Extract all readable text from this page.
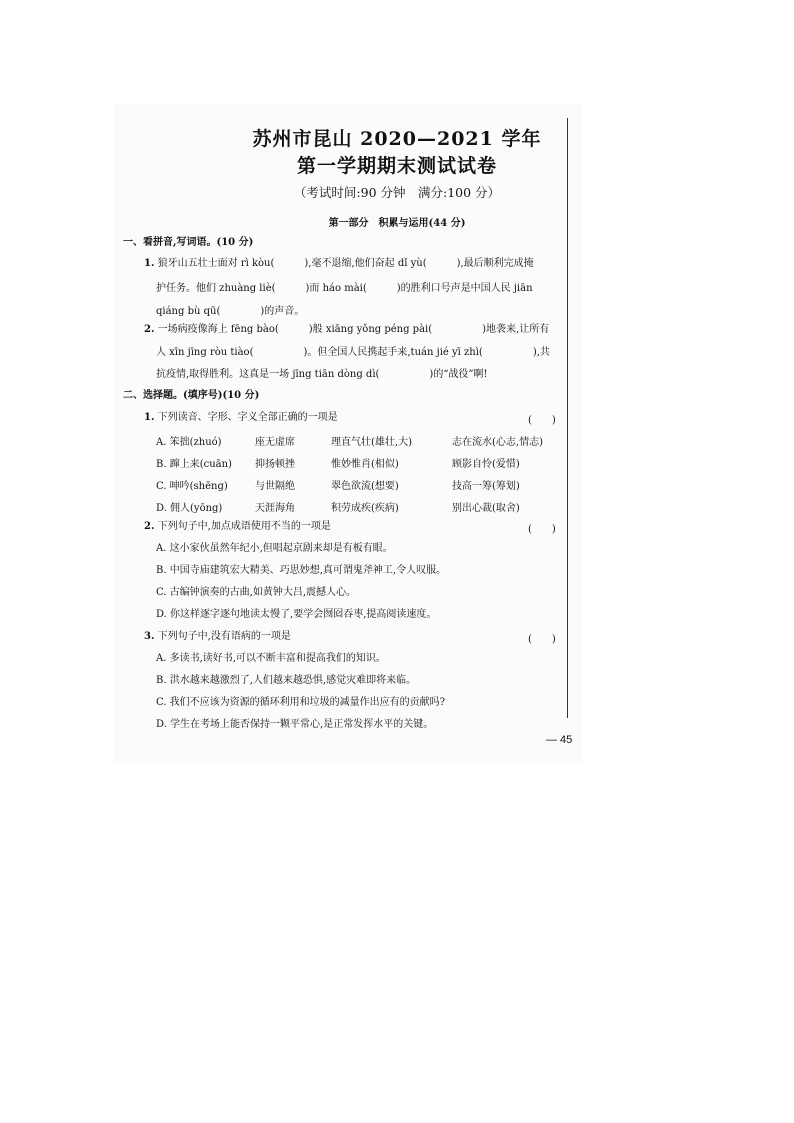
苏州市昆山 2020—2021 学年
第一学期期末测试试卷
（考试时间:90 分钟　满分:100 分）
第一部分　积累与运用(44 分)
一、看拼音,写词语。(10 分)
1. 狼牙山五壮士面对 rì kòu(　　　),毫不退缩,他们奋起 dǐ yù(　　　),最后顺利完成掩
护任务。他们 zhuàng liè(　　　)而 háo mài(　　　)的胜利口号声是中国人民 jiān
qiáng bù qū(　　　　)的声音。
2. 一场病疫像海上 fēng bào(　　　)般 xiāng yǒng péng pài(　　　　　)地袭来,让所有
人 xīn jīng ròu tiào(　　　　　)。但全国人民携起手来,tuán jié yī zhì(　　　　　),共
抗疫情,取得胜利。这真是一场 jīng tiān dòng dì(　　　　　)的“战役”啊!
二、选择题。(填序号)(10 分)
1. 下列读音、字形、字义全部正确的一项是	(　　)
A. 笨拙(zhuó)	座无虚席	理直气壮(雄壮,大)	志在流水(心志,情志)
B. 蹿上来(cuān) 抑扬顿挫	惟妙惟肖(相似)	顾影自怜(爱惜)
C. 呻吟(shēng)	与世隔绝	翠色欲流(想要)	技高一筹(筹划)
D. 佣人(yōng)	天涯海角	积劳成疾(疾病)	别出心裁(取舍)
2. 下列句子中,加点成语使用不当的一项是	(　　)
A. 这小家伙虽然年纪小,但唱起京剧来却是有板有眼。
B. 中国寺庙建筑宏大精美、巧思妙想,真可谓鬼斧神工,令人叹服。
C. 古编钟演奏的古曲,如黄钟大吕,震撼人心。
D. 你这样逐字逐句地读太慢了,要学会囫囵吞枣,提高阅读速度。
3. 下列句子中,没有语病的一项是	(　　)
A. 多读书,读好书,可以不断丰富和提高我们的知识。
B. 洪水越来越激烈了,人们越来越恐惧,感觉灾难即将来临。
C. 我们不应该为资源的循环利用和垃圾的减量作出应有的贡献吗?
D. 学生在考场上能否保持一颗平常心,是正常发挥水平的关键。
— 45
